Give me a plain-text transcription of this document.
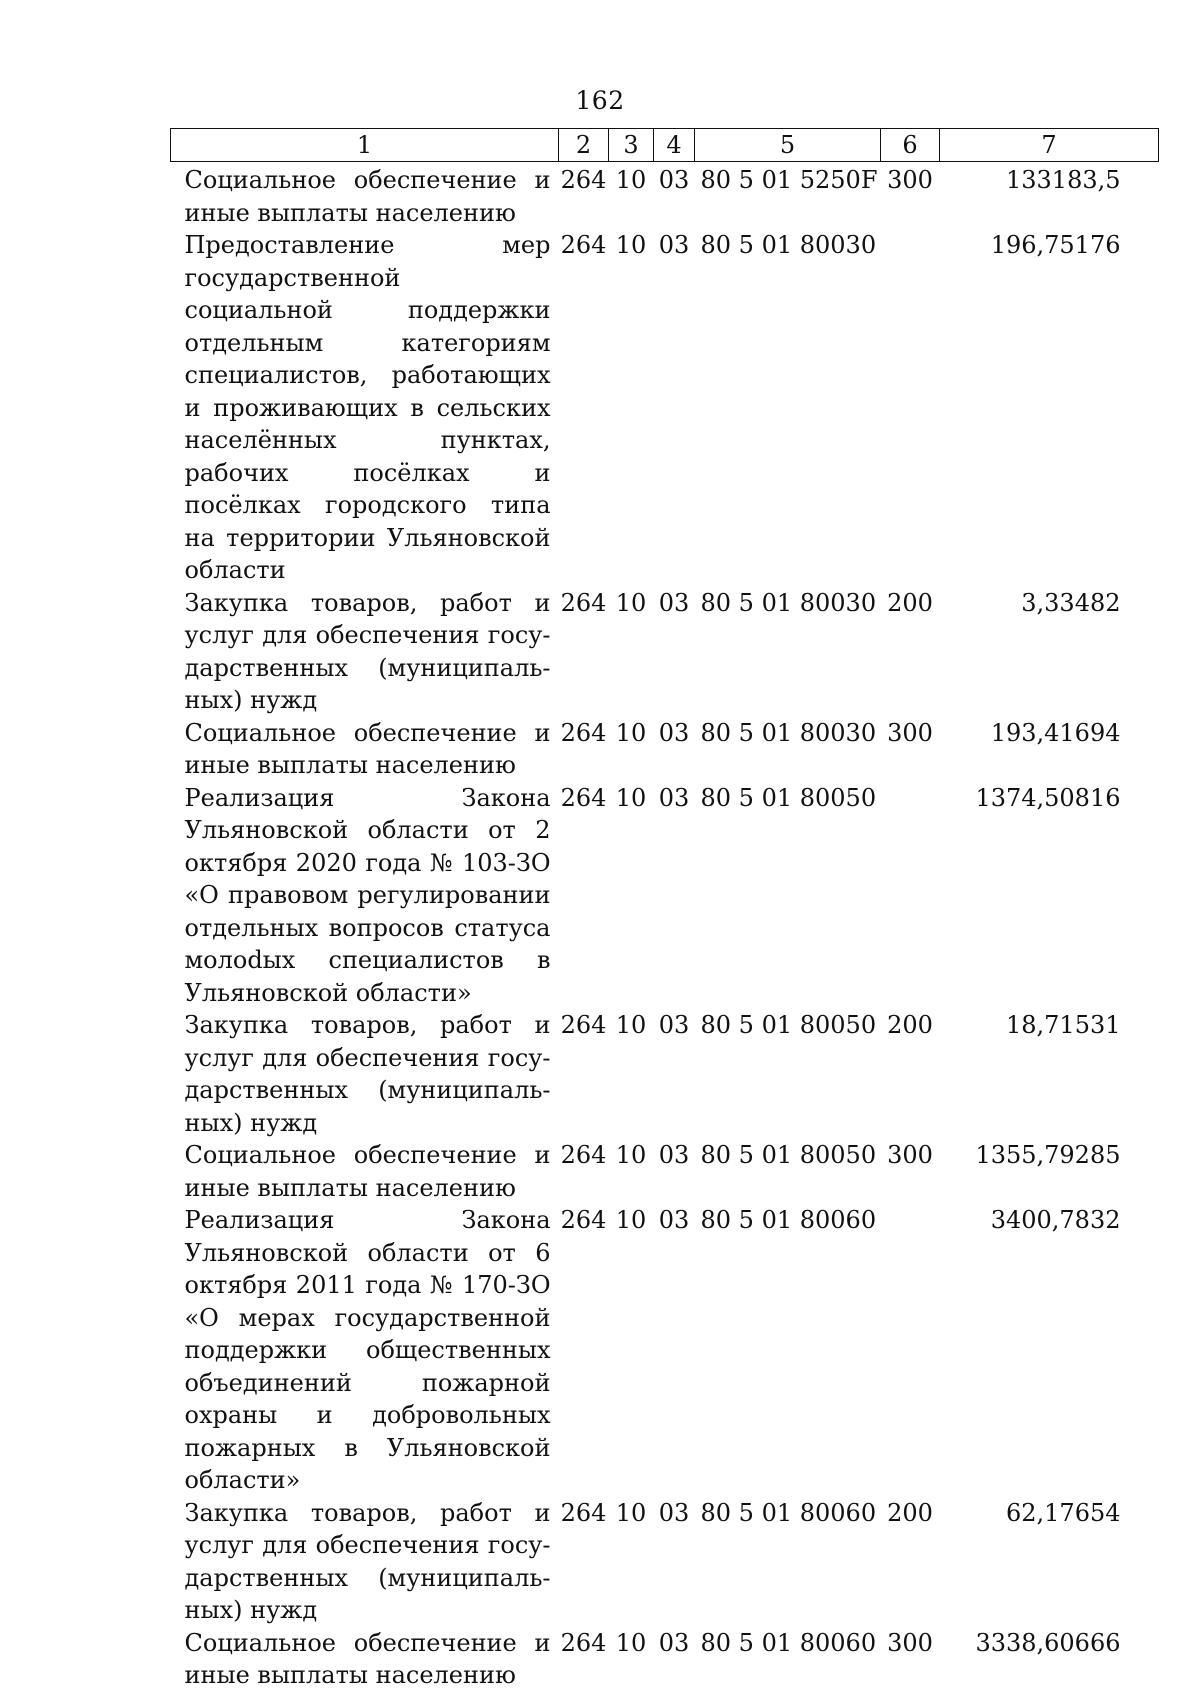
162
1	2	3	4	5	6	7
Социальное обеспечение и иные выплаты населению	264	10	03	80 5 01 5250F	300	133183,5
Предоставление мер государственной социальной поддержки отдельным категориям специалистов, работающих и проживающих в сельских населённых пунктах, рабочих посёлках и посёлках городского типа на территории Ульяновской области	264	10	03	80 5 01 80030		196,75176
Закупка товаров, работ и услуг для обеспечения государственных (муниципальных) нужд	264	10	03	80 5 01 80030	200	3,33482
Социальное обеспечение и иные выплаты населению	264	10	03	80 5 01 80030	300	193,41694
Реализация Закона Ульяновской области от 2 октября 2020 года № 103-ЗО «О правовом регулировании отдельных вопросов статуса молоdых специалистов в Ульяновской области»	264	10	03	80 5 01 80050		1374,50816
Закупка товаров, работ и услуг для обеспечения государственных (муниципальных) нужд	264	10	03	80 5 01 80050	200	18,71531
Социальное обеспечение и иные выплаты населению	264	10	03	80 5 01 80050	300	1355,79285
Реализация Закона Ульяновской области от 6 октября 2011 года № 170-ЗО «О мерах государственной поддержки общественных объединений пожарной охраны и добровольных пожарных в Ульяновской области»	264	10	03	80 5 01 80060		3400,7832
Закупка товаров, работ и услуг для обеспечения государственных (муниципальных) нужд	264	10	03	80 5 01 80060	200	62,17654
Социальное обеспечение и иные выплаты населению	264	10	03	80 5 01 80060	300	3338,60666
